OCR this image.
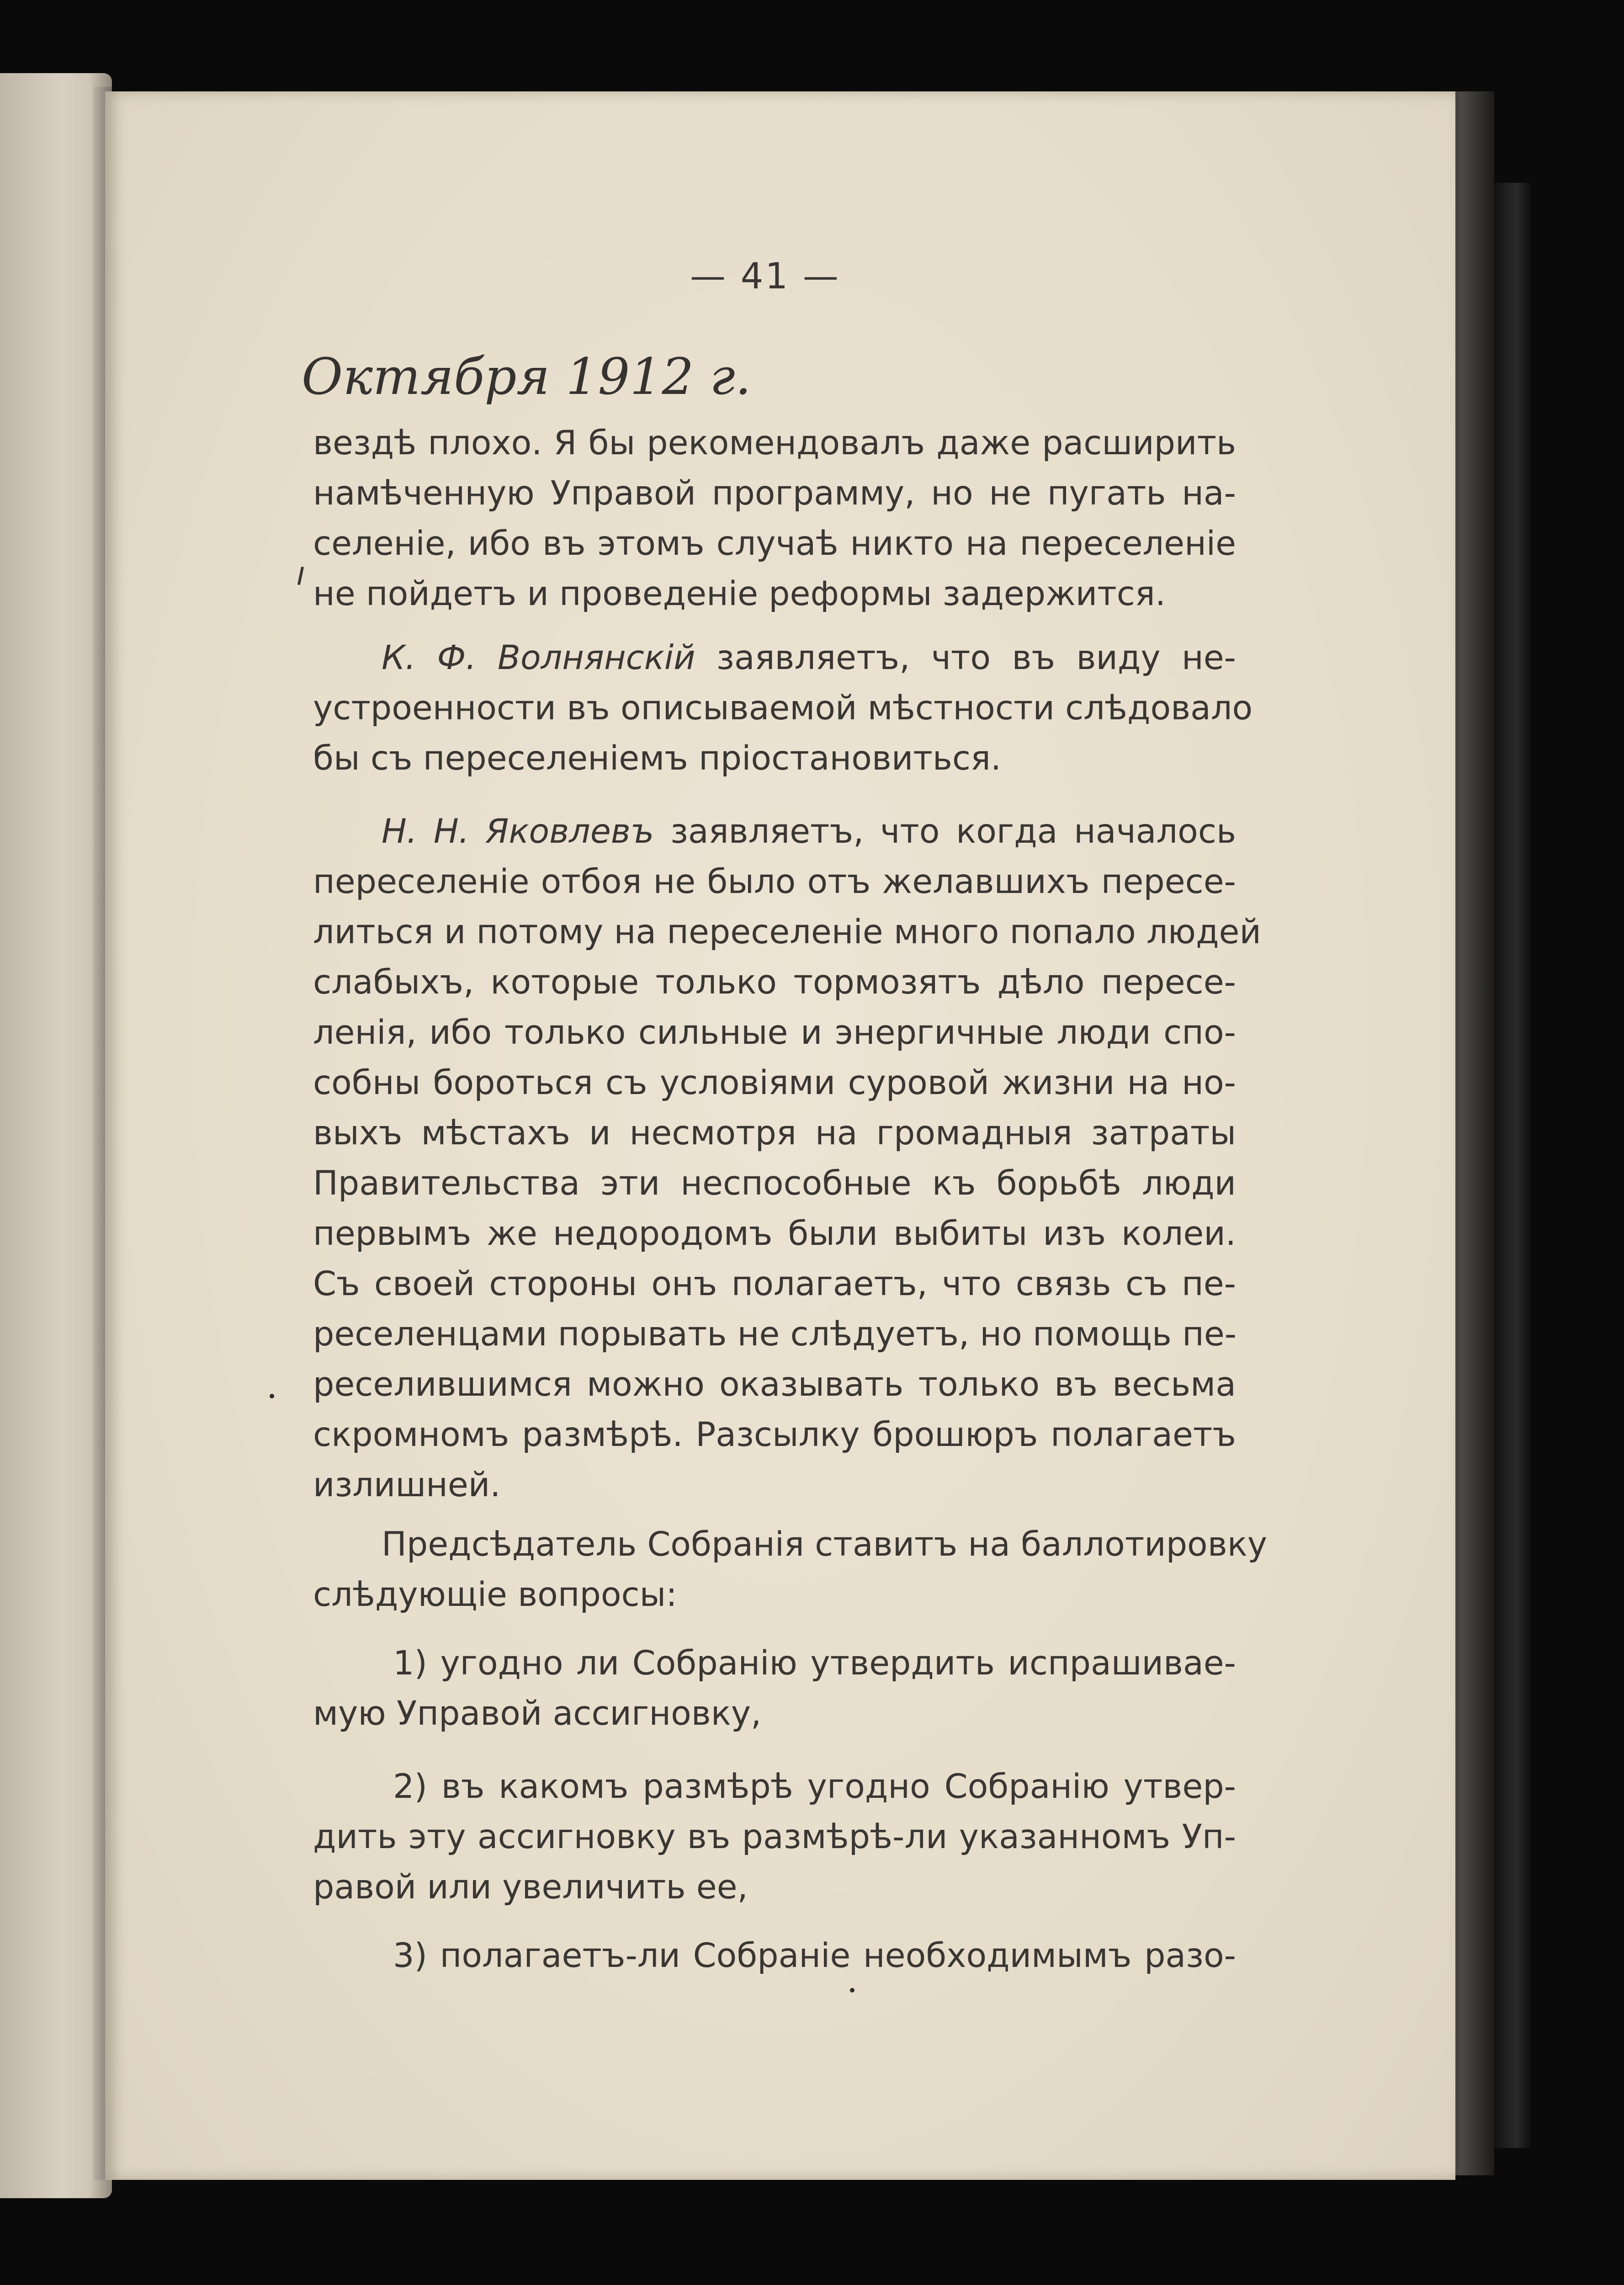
— 41 —
Октября 1912 г.
вездѣ плохо. Я бы рекомендовалъ даже расширить
намѣченную Управой программу, но не пугать на-
селеніе, ибо въ этомъ случаѣ никто на переселеніе
не пойдетъ и проведеніе реформы задержится.
К. Ф. Волнянскій заявляетъ, что въ виду не-
устроенности въ описываемой мѣстности слѣдовало
бы съ переселеніемъ пріостановиться.
Н. Н. Яковлевъ заявляетъ, что когда началось
переселеніе отбоя не было отъ желавшихъ пересе-
литься и потому на переселеніе много попало людей
слабыхъ, которые только тормозятъ дѣло пересе-
ленія, ибо только сильные и энергичные люди спо-
собны бороться съ условіями суровой жизни на но-
выхъ мѣстахъ и несмотря на громадныя затраты
Правительства эти неспособные къ борьбѣ люди
первымъ же недородомъ были выбиты изъ колеи.
Съ своей стороны онъ полагаетъ, что связь съ пе-
реселенцами порывать не слѣдуетъ, но помощь пе-
реселившимся можно оказывать только въ весьма
скромномъ размѣрѣ. Разсылку брошюръ полагаетъ
излишней.
Предсѣдатель Собранія ставитъ на баллотировку
слѣдующіе вопросы:
1) угодно ли Собранію утвердить испрашивае-
мую Управой ассигновку,
2) въ какомъ размѣрѣ угодно Собранію утвер-
дить эту ассигновку въ размѣрѣ-ли указанномъ Уп-
равой или увеличить ее,
3) полагаетъ-ли Собраніе необходимымъ разо-
